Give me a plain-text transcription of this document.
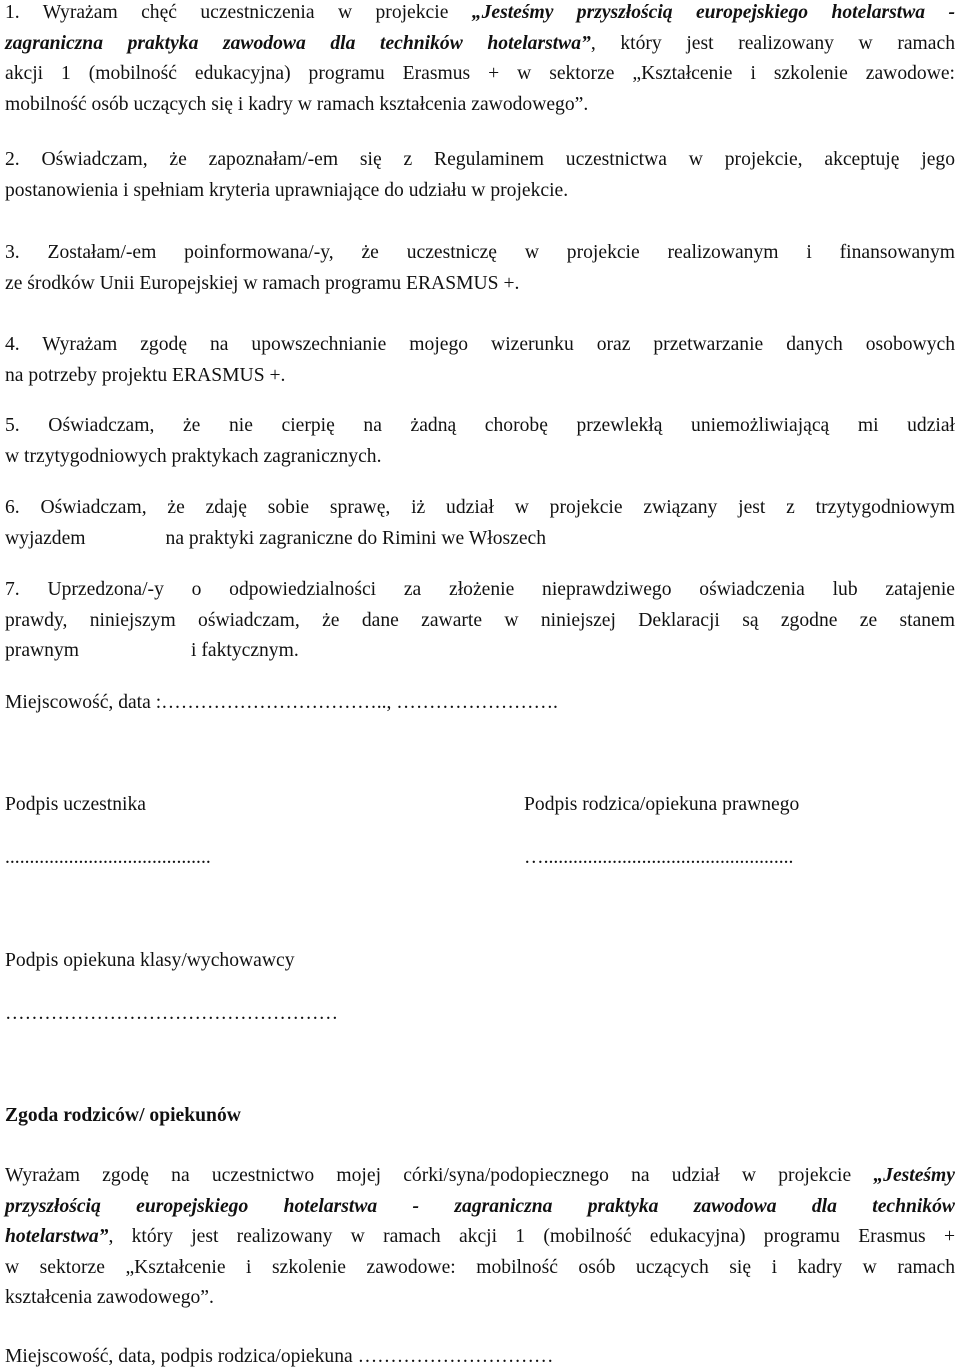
1. Wyrażam chęć uczestniczenia w projekcie „Jesteśmy przyszłością europejskiego hotelarstwa -
zagraniczna praktyka zawodowa dla techników hotelarstwa”, który jest realizowany w ramach
akcji 1 (mobilność edukacyjna) programu Erasmus + w sektorze „Kształcenie i szkolenie zawodowe:
mobilność osób uczących się i kadry w ramach kształcenia zawodowego”.
2. Oświadczam, że zapoznałam/-em się z Regulaminem uczestnictwa w projekcie, akceptuję jego
postanowienia i spełniam kryteria uprawniające do udziału w projekcie.
3. Zostałam/-em poinformowana/-y, że uczestniczę w projekcie realizowanym i finansowanym
ze środków Unii Europejskiej w ramach programu ERASMUS +.
4. Wyrażam zgodę na upowszechnianie mojego wizerunku oraz przetwarzanie danych osobowych
na potrzeby projektu ERASMUS +.
5. Oświadczam, że nie cierpię na żadną chorobę przewlekłą uniemożliwiającą mi udział
w trzytygodniowych praktykach zagranicznych.
6. Oświadczam, że zdaję sobie sprawę, iż udział w projekcie związany jest z trzytygodniowym
wyjazdem	na praktyki zagraniczne do Rimini we Włoszech
7. Uprzedzona/-y o odpowiedzialności za złożenie nieprawdziwego oświadczenia lub zatajenie
prawdy, niniejszym oświadczam, że dane zawarte w niniejszej Deklaracji są zgodne ze stanem
prawnym	i faktycznym.
Miejscowość, data :…………………………….., …………………….
Podpis uczestnika	Podpis rodzica/opiekuna prawnego
..........................................	…...................................................
Podpis opiekuna klasy/wychowawcy
……………………………………………
Zgoda rodziców/ opiekunów
Wyrażam zgodę na uczestnictwo mojej córki/syna/podopiecznego na udział w projekcie „Jesteśmy
przyszłością europejskiego hotelarstwa - zagraniczna praktyka zawodowa dla techników
hotelarstwa”, który jest realizowany w ramach akcji 1 (mobilność edukacyjna) programu Erasmus +
w sektorze „Kształcenie i szkolenie zawodowe: mobilność osób uczących się i kadry w ramach
kształcenia zawodowego”.
Miejscowość, data, podpis rodzica/opiekuna …………………………
